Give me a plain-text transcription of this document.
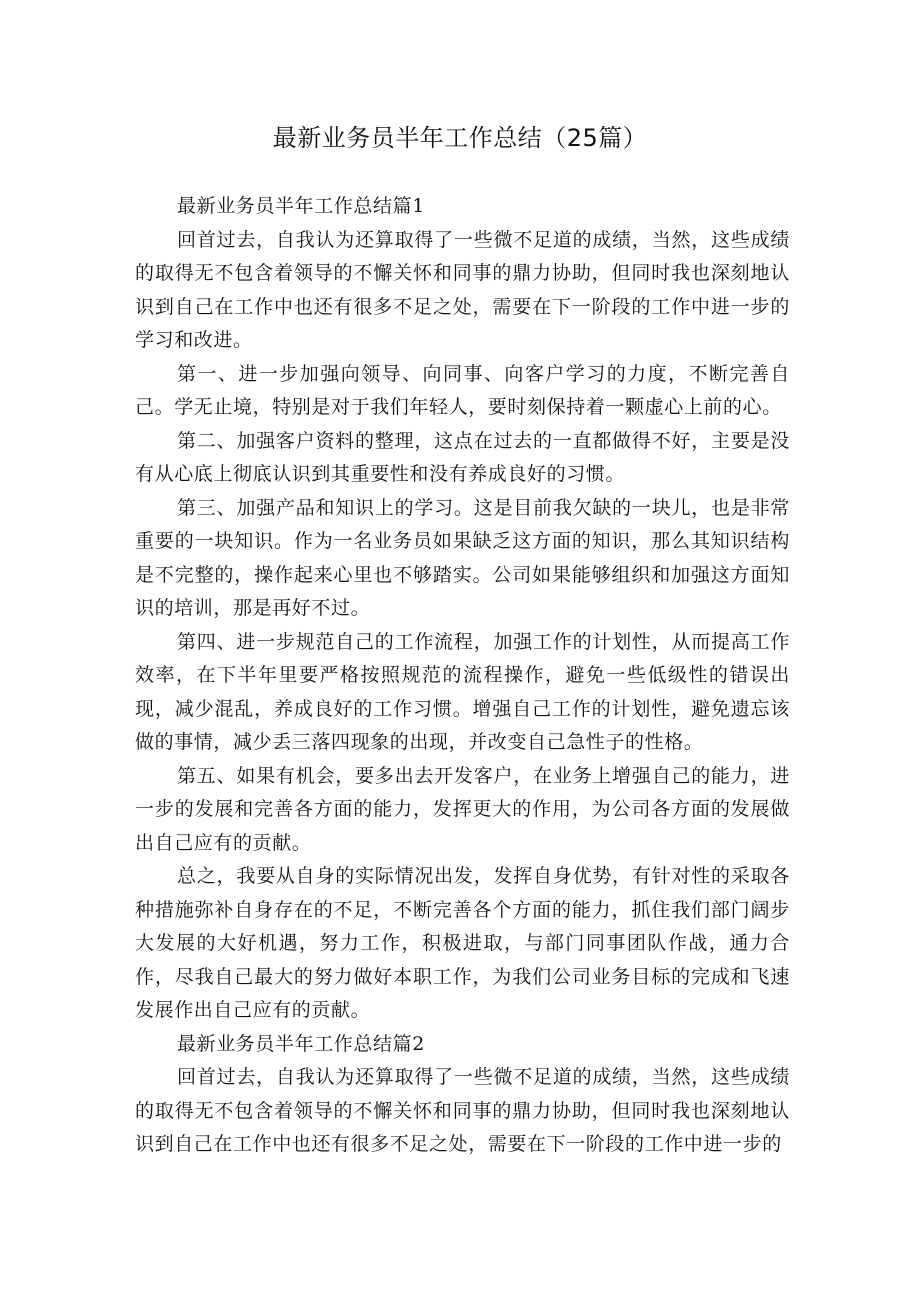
最新业务员半年工作总结（25篇）

最新业务员半年工作总结篇1

回首过去，自我认为还算取得了一些微不足道的成绩，当然，这些成绩的取得无不包含着领导的不懈关怀和同事的鼎力协助，但同时我也深刻地认识到自己在工作中也还有很多不足之处，需要在下一阶段的工作中进一步的学习和改进。

第一、进一步加强向领导、向同事、向客户学习的力度，不断完善自己。学无止境，特别是对于我们年轻人，要时刻保持着一颗虚心上前的心。

第二、加强客户资料的整理，这点在过去的一直都做得不好，主要是没有从心底上彻底认识到其重要性和没有养成良好的习惯。

第三、加强产品和知识上的学习。这是目前我欠缺的一块儿，也是非常重要的一块知识。作为一名业务员如果缺乏这方面的知识，那么其知识结构是不完整的，操作起来心里也不够踏实。公司如果能够组织和加强这方面知识的培训，那是再好不过。

第四、进一步规范自己的工作流程，加强工作的计划性，从而提高工作效率，在下半年里要严格按照规范的流程操作，避免一些低级性的错误出现，减少混乱，养成良好的工作习惯。增强自己工作的计划性，避免遗忘该做的事情，减少丢三落四现象的出现，并改变自己急性子的性格。

第五、如果有机会，要多出去开发客户，在业务上增强自己的能力，进一步的发展和完善各方面的能力，发挥更大的作用，为公司各方面的发展做出自己应有的贡献。

总之，我要从自身的实际情况出发，发挥自身优势，有针对性的采取各种措施弥补自身存在的不足，不断完善各个方面的能力，抓住我们部门阔步大发展的大好机遇，努力工作，积极进取，与部门同事团队作战，通力合作，尽我自己最大的努力做好本职工作，为我们公司业务目标的完成和飞速发展作出自己应有的贡献。

最新业务员半年工作总结篇2

回首过去，自我认为还算取得了一些微不足道的成绩，当然，这些成绩的取得无不包含着领导的不懈关怀和同事的鼎力协助，但同时我也深刻地认识到自己在工作中也还有很多不足之处，需要在下一阶段的工作中进一步的
